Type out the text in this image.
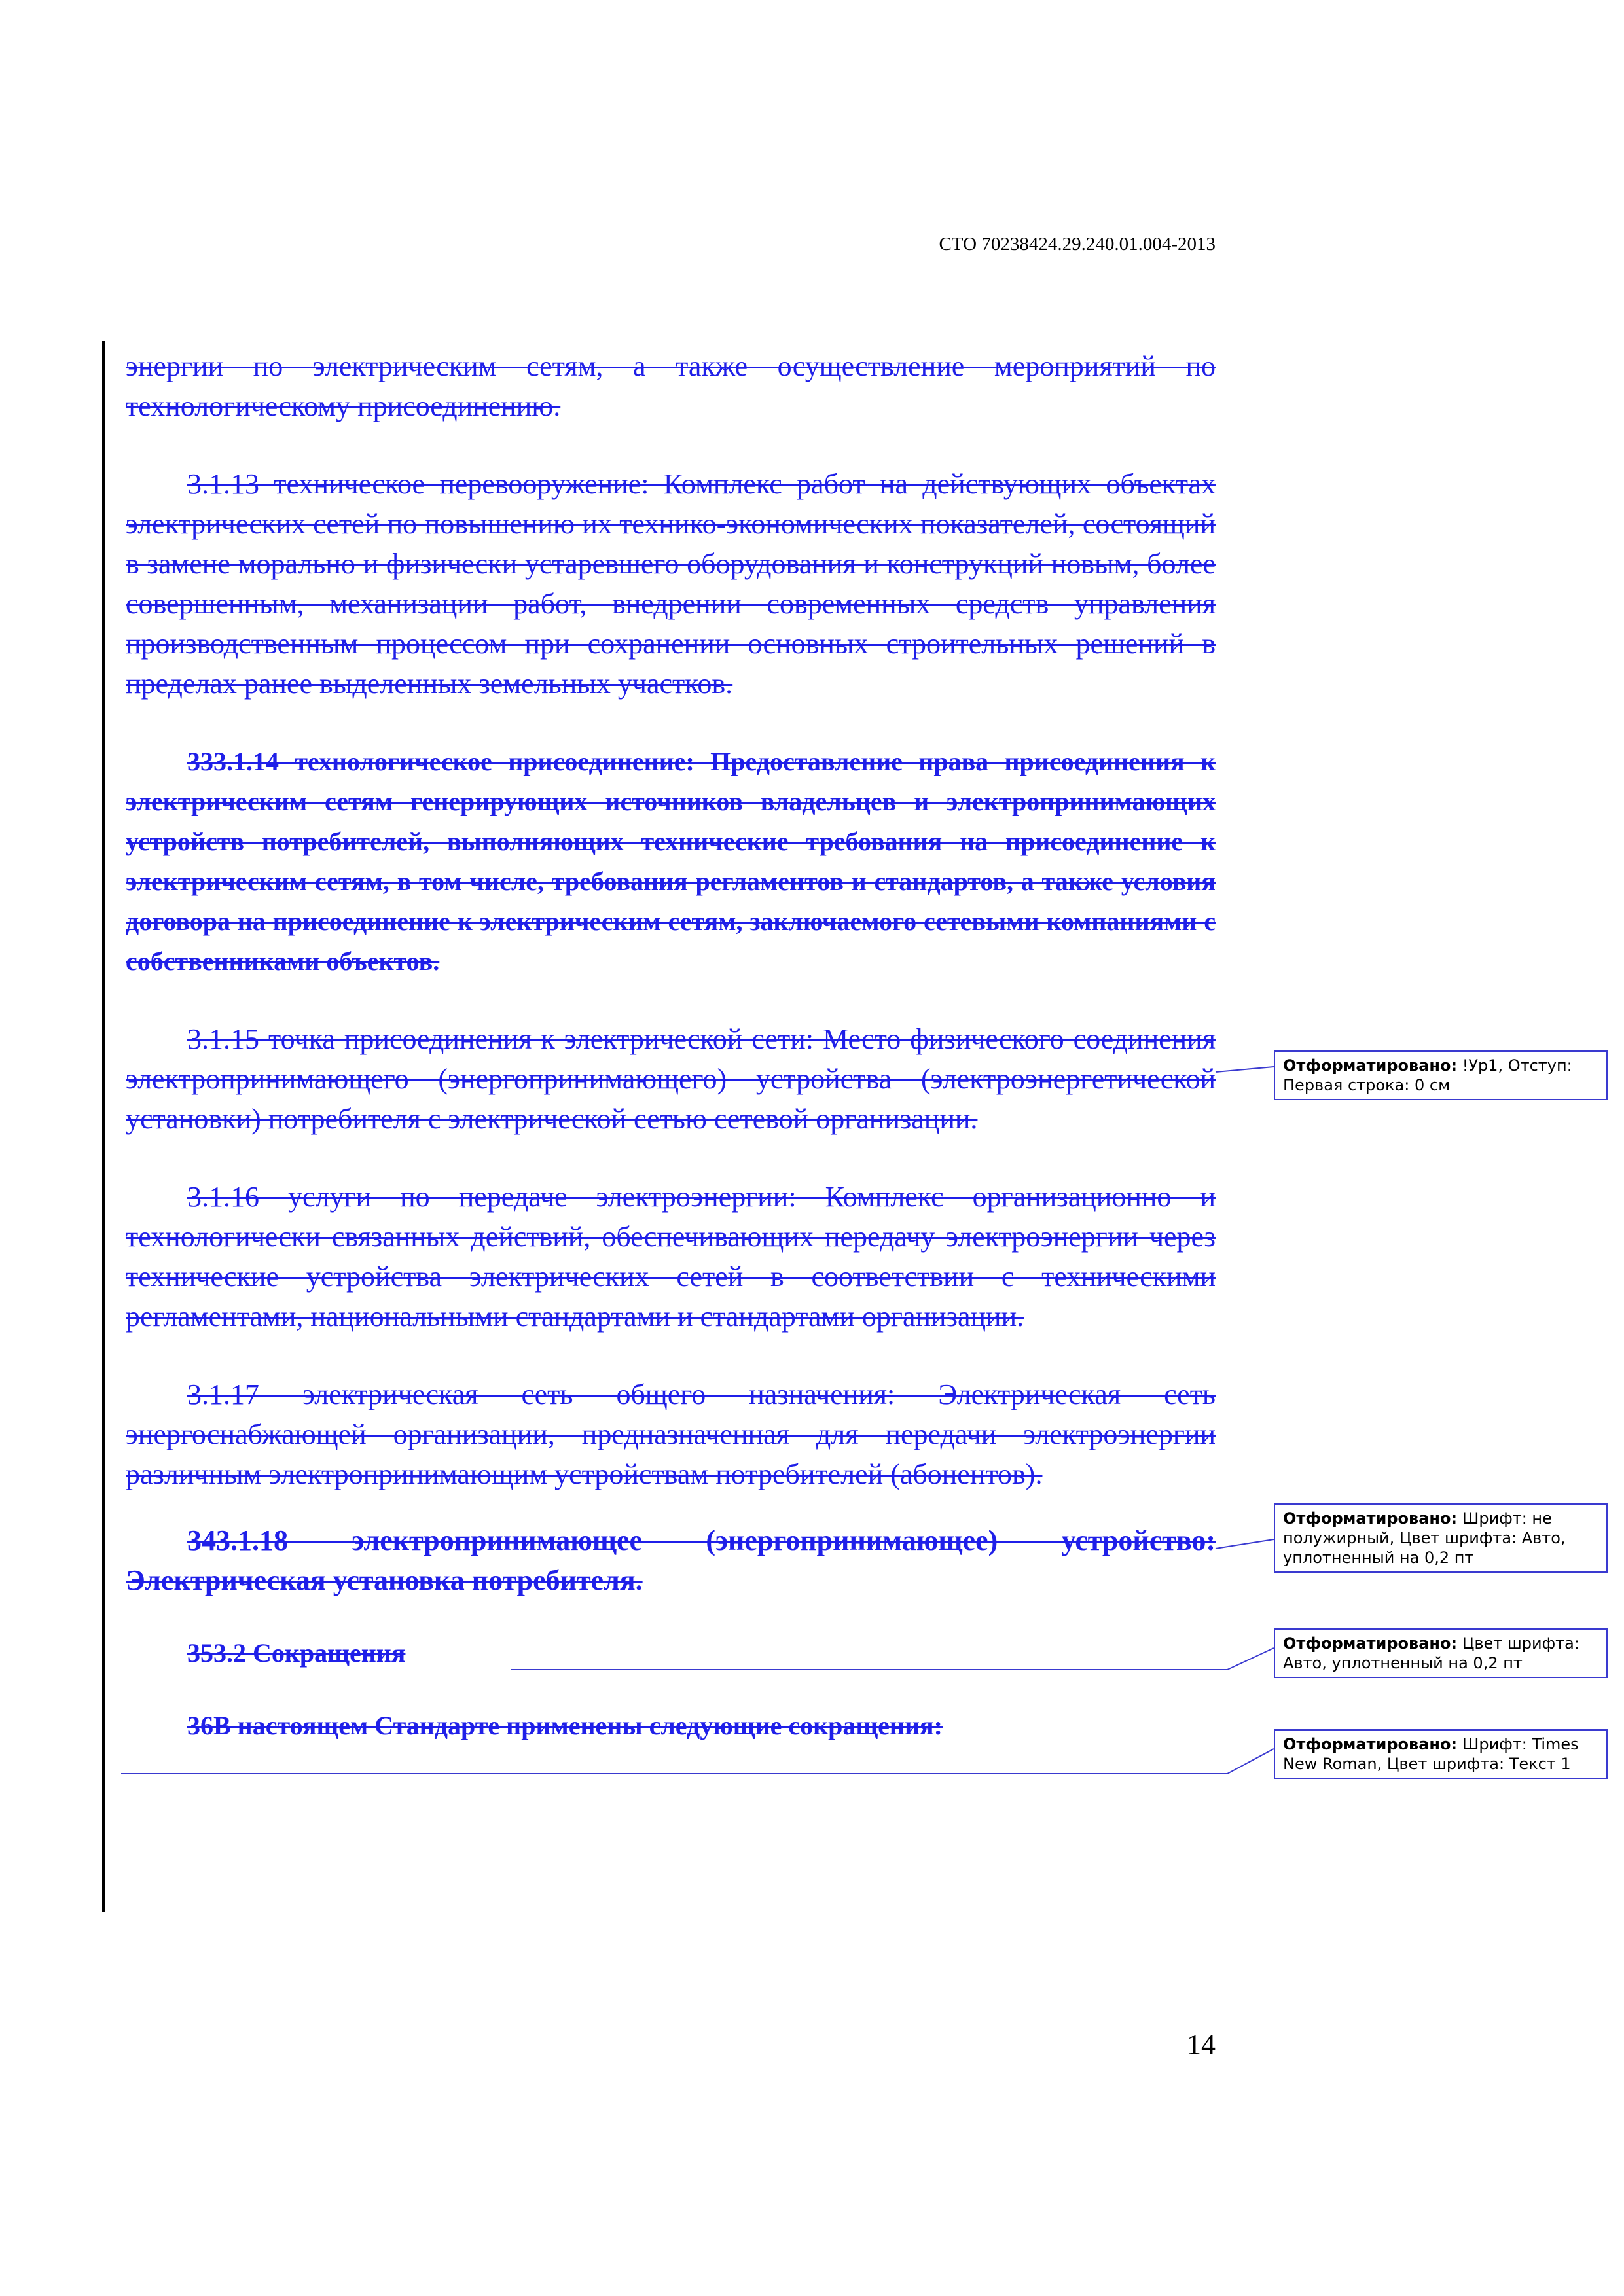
СТО 70238424.29.240.01.004-2013

энергии по электрическим сетям, а также осуществление мероприятий по технологическому присоединению.

3.1.13 техническое перевооружение: Комплекс работ на действующих объектах электрических сетей по повышению их технико-экономических показателей, состоящий в замене морально и физически устаревшего оборудования и конструкций новым, более совершенным, механизации работ, внедрении современных средств управления производственным процессом при сохранении основных строительных решений в пределах ранее выделенных земельных участков.

333.1.14 технологическое присоединение: Предоставление права присоединения к электрическим сетям генерирующих источников владельцев и электропринимающих устройств потребителей, выполняющих технические требования на присоединение к электрическим сетям, в том числе, требования регламентов и стандартов, а также условия договора на присоединение к электрическим сетям, заключаемого сетевыми компаниями с собственниками объектов.

3.1.15 точка присоединения к электрической сети: Место физического соединения электропринимающего (энергопринимающего) устройства (электроэнергетической установки) потребителя с электрической сетью сетевой организации.

3.1.16 услуги по передаче электроэнергии: Комплекс организационно и технологически связанных действий, обеспечивающих передачу электроэнергии через технические устройства электрических сетей в соответствии с техническими регламентами, национальными стандартами и стандартами организации.

3.1.17 электрическая сеть общего назначения: Электрическая сеть энергоснабжающей организации, предназначенная для передачи электроэнергии различным электропринимающим устройствам потребителей (абонентов).

343.1.18 электропринимающее (энергопринимающее) устройство: Электрическая установка потребителя.

353.2 Сокращения

36В настоящем Стандарте применены следующие сокращения:

14
Отформатировано: !Ур1, Отступ: Первая строка: 0 см
Отформатировано: Шрифт: не полужирный, Цвет шрифта: Авто, уплотненный на 0,2 пт
Отформатировано: Цвет шрифта: Авто, уплотненный на 0,2 пт
Отформатировано: Шрифт: Times New Roman, Цвет шрифта: Текст 1
